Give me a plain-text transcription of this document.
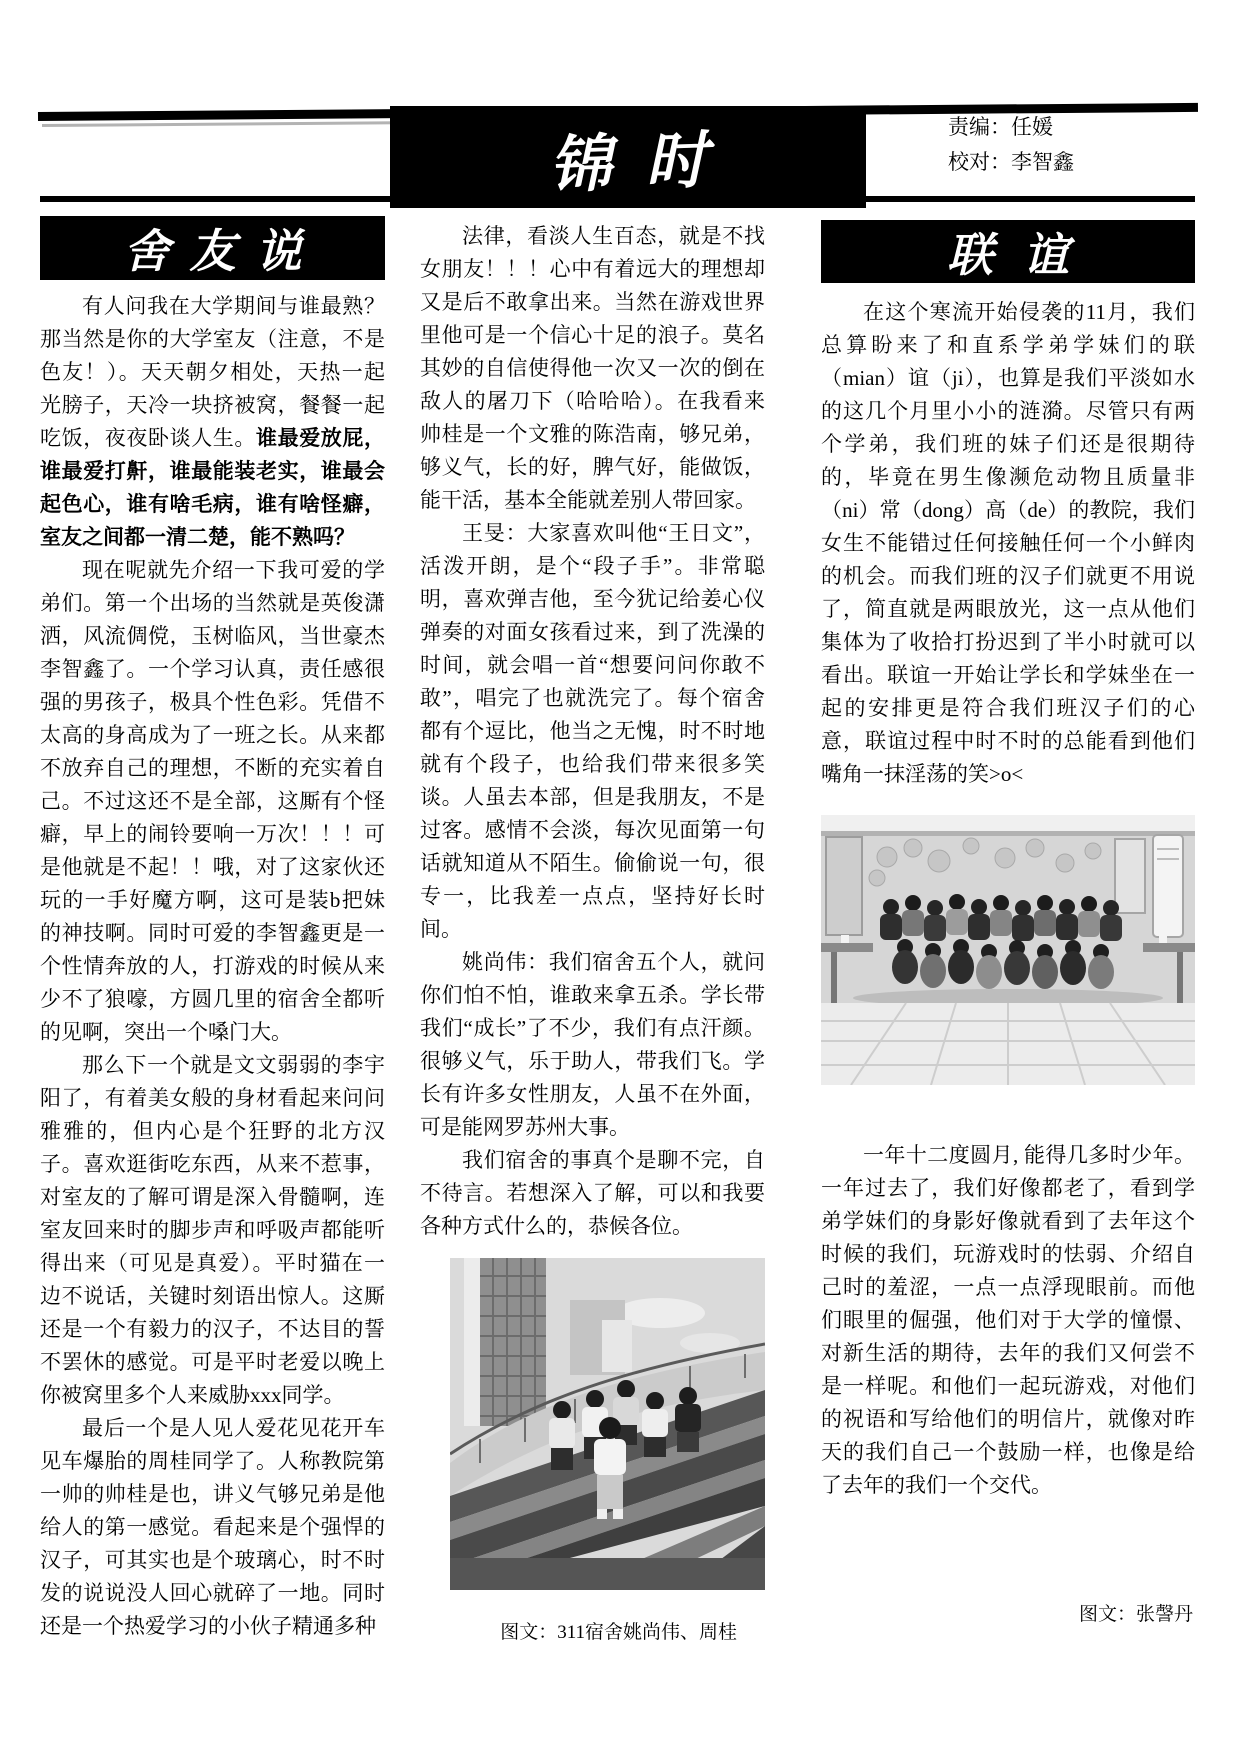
锦时	责编：任媛
校对：李智鑫
舍友说	联谊

有人问我在大学期间与谁最熟？那当然是你的大学室友（注意，不是色友！）。天天朝夕相处，天热一起光膀子，天冷一块挤被窝，餐餐一起吃饭，夜夜卧谈人生。谁最爱放屁，谁最爱打鼾，谁最能装老实，谁最会起色心，谁有啥毛病，谁有啥怪癖，室友之间都一清二楚，能不熟吗？

现在呢就先介绍一下我可爱的学弟们。第一个出场的当然就是英俊潇洒，风流倜傥，玉树临风，当世豪杰李智鑫了。一个学习认真，责任感很强的男孩子，极具个性色彩。凭借不太高的身高成为了一班之长。从来都不放弃自己的理想，不断的充实着自己。不过这还不是全部，这厮有个怪癖，早上的闹铃要响一万次！！！可是他就是不起！！哦，对了这家伙还玩的一手好魔方啊，这可是装b把妹的神技啊。同时可爱的李智鑫更是一个性情奔放的人，打游戏的时候从来少不了狼嚎，方圆几里的宿舍全都听的见啊，突出一个嗓门大。

那么下一个就是文文弱弱的李宇阳了，有着美女般的身材看起来问问雅雅的，但内心是个狂野的北方汉子。喜欢逛街吃东西，从来不惹事，对室友的了解可谓是深入骨髓啊，连室友回来时的脚步声和呼吸声都能听得出来（可见是真爱）。平时猫在一边不说话，关键时刻语出惊人。这厮还是一个有毅力的汉子，不达目的誓不罢休的感觉。可是平时老爱以晚上你被窝里多个人来威胁xxx同学。

最后一个是人见人爱花见花开车见车爆胎的周桂同学了。人称教院第一帅的帅桂是也，讲义气够兄弟是他给人的第一感觉。看起来是个强悍的汉子，可其实也是个玻璃心，时不时发的说说没人回心就碎了一地。同时还是一个热爱学习的小伙子精通多种

法律，看淡人生百态，就是不找女朋友！！！心中有着远大的理想却又是后不敢拿出来。当然在游戏世界里他可是一个信心十足的浪子。莫名其妙的自信使得他一次又一次的倒在敌人的屠刀下（哈哈哈）。在我看来帅桂是一个文雅的陈浩南，够兄弟，够义气，长的好，脾气好，能做饭，能干活，基本全能就差别人带回家。

王旻：大家喜欢叫他“王日文”，活泼开朗，是个“段子手”。非常聪明，喜欢弹吉他，至今犹记给姜心仪弹奏的对面女孩看过来，到了洗澡的时间，就会唱一首“想要问问你敢不敢”，唱完了也就洗完了。每个宿舍都有个逗比，他当之无愧，时不时地就有个段子，也给我们带来很多笑谈。人虽去本部，但是我朋友，不是过客。感情不会淡，每次见面第一句话就知道从不陌生。偷偷说一句，很专一，比我差一点点，坚持好长时间。

姚尚伟：我们宿舍五个人，就问你们怕不怕，谁敢来拿五杀。学长带我们“成长”了不少，我们有点汗颜。很够义气，乐于助人，带我们飞。学长有许多女性朋友，人虽不在外面，可是能网罗苏州大事。

我们宿舍的事真个是聊不完，自不待言。若想深入了解，可以和我要各种方式什么的，恭候各位。

图文：311宿舍姚尚伟、周桂

在这个寒流开始侵袭的11月，我们总算盼来了和直系学弟学妹们的联（mian）谊（ji），也算是我们平淡如水的这几个月里小小的涟漪。尽管只有两个学弟，我们班的妹子们还是很期待的，毕竟在男生像濒危动物且质量非（ni）常（dong）高（de）的教院，我们女生不能错过任何接触任何一个小鲜肉的机会。而我们班的汉子们就更不用说了，简直就是两眼放光，这一点从他们集体为了收拾打扮迟到了半小时就可以看出。联谊一开始让学长和学妹坐在一起的安排更是符合我们班汉子们的心意，联谊过程中时不时的总能看到他们嘴角一抹淫荡的笑>o<

一年十二度圆月, 能得几多时少年。一年过去了，我们好像都老了，看到学弟学妹们的身影好像就看到了去年这个时候的我们，玩游戏时的怯弱、介绍自己时的羞涩，一点一点浮现眼前。而他们眼里的倔强，他们对于大学的憧憬、对新生活的期待，去年的我们又何尝不是一样呢。和他们一起玩游戏，对他们的祝语和写给他们的明信片，就像对昨天的我们自己一个鼓励一样，也像是给了去年的我们一个交代。

图文：张謦丹
